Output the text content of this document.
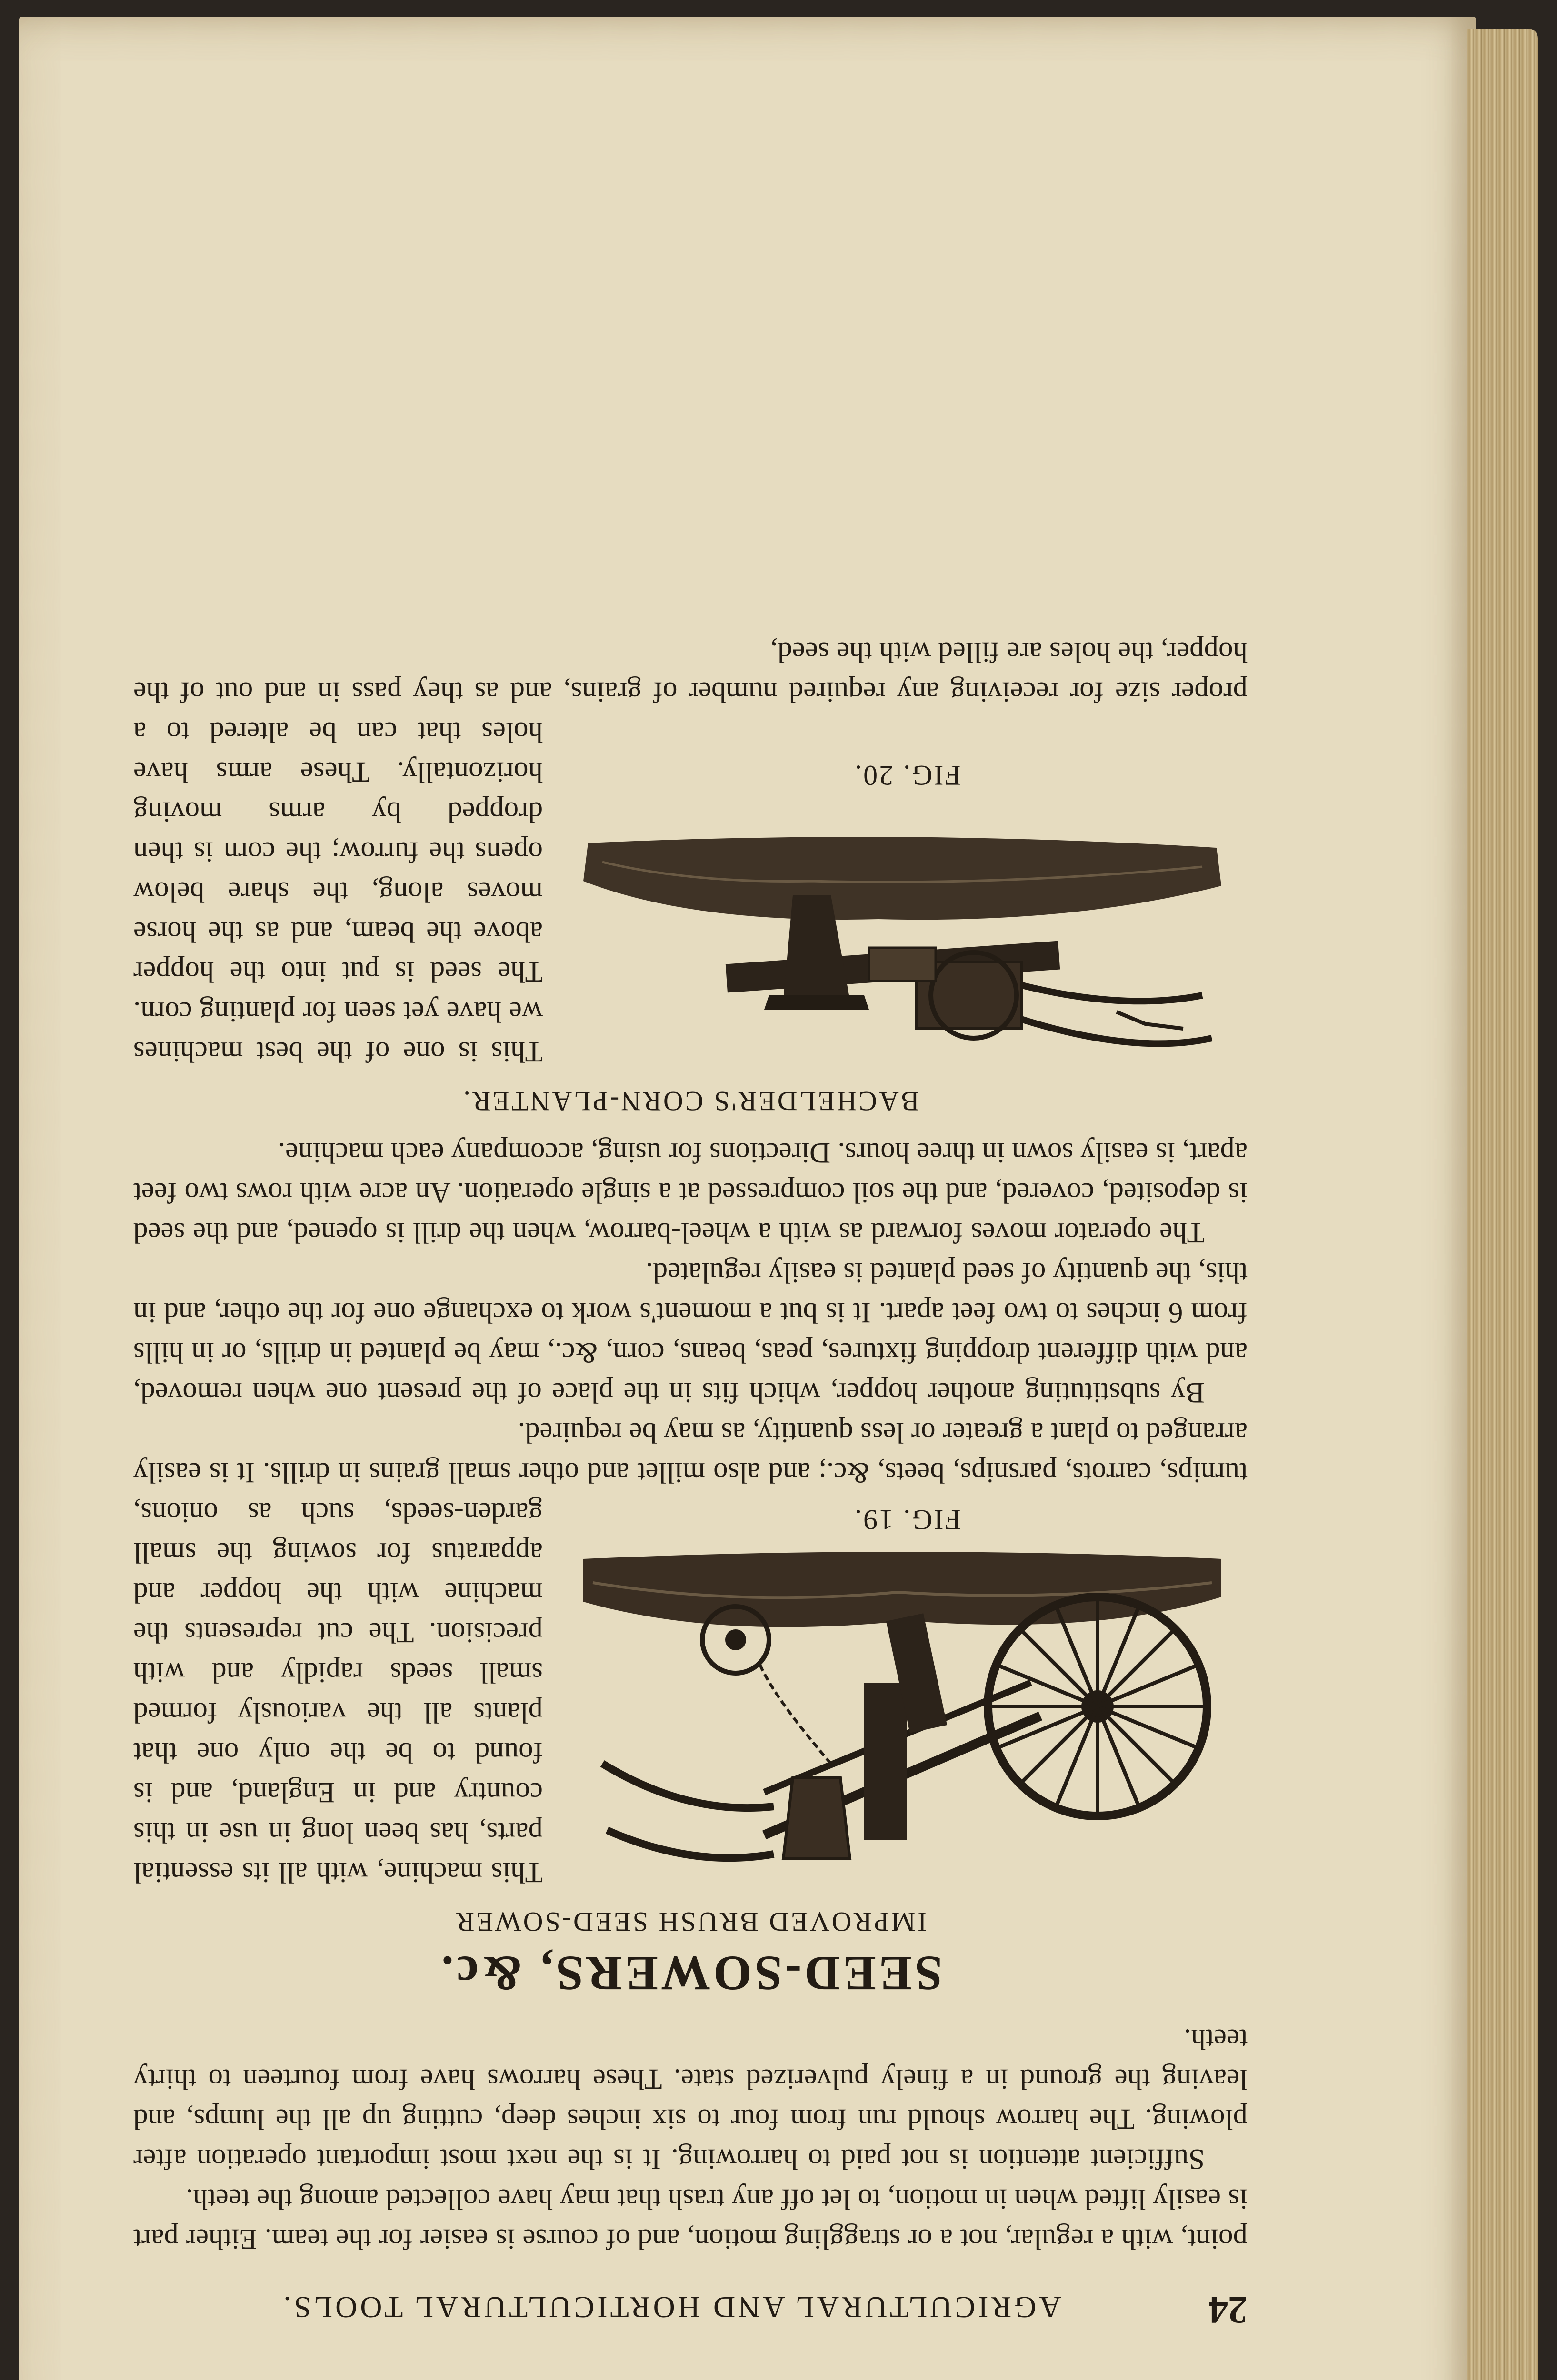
24
AGRICULTURAL AND HORTICULTURAL TOOLS.

point, with a regular, not a or straggling motion, and of course is easier for the team. Either part is easily lifted when in motion, to let off any trash that may have collected among the teeth.

Sufficient attention is not paid to harrowing. It is the next most important operation after plowing. The harrow should run from four to six inches deep, cutting up all the lumps, and leaving the ground in a finely pulverized state. These harrows have from fourteen to thirty teeth.

SEED-SOWERS, &c.
IMPROVED BRUSH SEED-SOWER
FIG. 19.

This machine, with all its essential parts, has been long in use in this country and in England, and is found to be the only one that plants all the variously formed small seeds rapidly and with precision. The cut represents the machine with the hopper and apparatus for sowing the small garden-seeds, such as onions, turnips, carrots, parsnips, beets, &c.; and also millet and other small grains in drills. It is easily arranged to plant a greater or less quantity, as may be required.

By substituting another hopper, which fits in the place of the present one when removed, and with different dropping fixtures, peas, beans, corn, &c., may be planted in drills, or in hills from 6 inches to two feet apart. It is but a moment's work to exchange one for the other, and in this, the quantity of seed planted is easily regulated.

The operator moves forward as with a wheel-barrow, when the drill is opened, and the seed is deposited, covered, and the soil compressed at a single operation. An acre with rows two feet apart, is easily sown in three hours. Directions for using, accompany each machine.

BACHELDER'S CORN-PLANTER.
FIG. 20.

This is one of the best machines we have yet seen for planting corn. The seed is put into the hopper above the beam, and as the horse moves along, the share below opens the furrow; the corn is then dropped by arms moving horizontally. These arms have holes that can be altered to a proper size for receiving any required number of grains, and as they pass in and out of the hopper, the holes are filled with the seed,
